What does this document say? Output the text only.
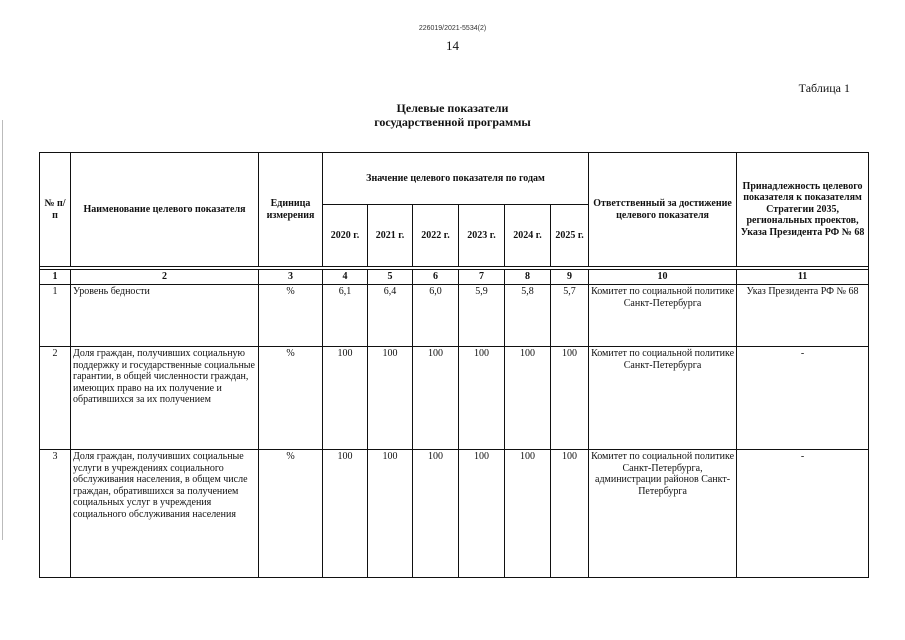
226019/2021-5534(2)
14
Таблица 1
Целевые показатели
государственной программы
№ п/п	Наименование целевого показателя	Единица измерения	Значение целевого показателя по годам						Ответственный за достижение целевого показателя	Принадлежность целевого показателя к показателям Стратегии 2035, региональных проектов, Указа Президента РФ № 68
			2020 г.	2021 г.	2022 г.	2023 г.	2024 г.	2025 г.		

1	2	3	4	5	6	7	8	9	10	11
1	Уровень бедности	%	6,1	6,4	6,0	5,9	5,8	5,7	Комитет по социальной политике Санкт-Петербурга	Указ Президента РФ № 68
2	Доля граждан, получивших социальную поддержку и государственные социальные гарантии, в общей численности граждан, имеющих право на их получение и обратившихся за их получением	%	100	100	100	100	100	100	Комитет по социальной политике Санкт-Петербурга	-
3	Доля граждан, получивших социальные услуги в учреждениях социального обслуживания населения, в общем числе граждан, обратившихся за получением социальных услуг в учреждения социального обслуживания населения	%	100	100	100	100	100	100	Комитет по социальной политике Санкт-Петербурга, администрации районов Санкт-Петербурга	-
